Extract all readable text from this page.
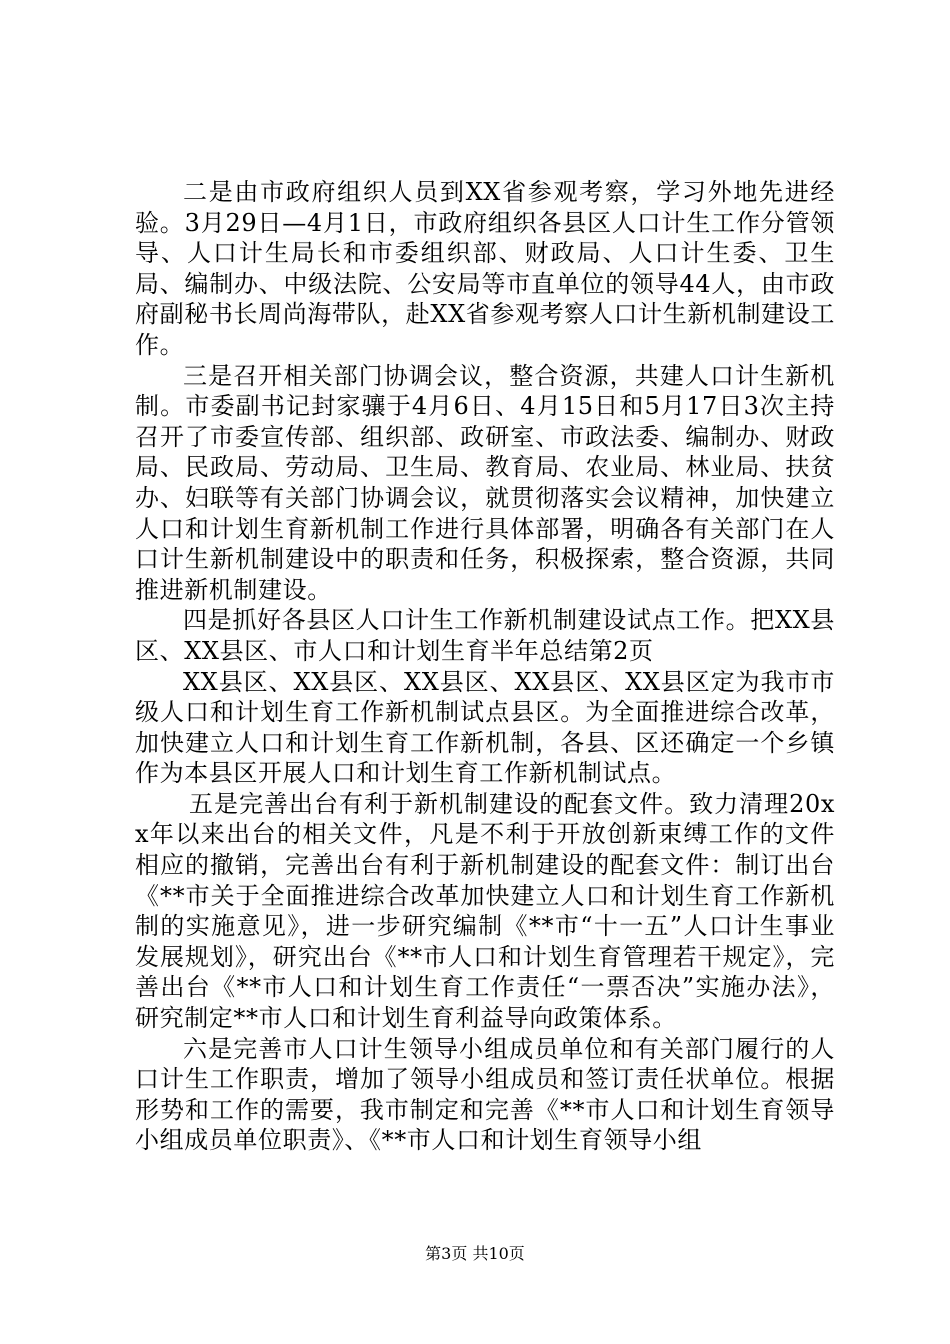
二是由市政府组织人员到XX省参观考察，学习外地先进经验。3月29日—4月1日，市政府组织各县区人口计生工作分管领导、人口计生局长和市委组织部、财政局、人口计生委、卫生局、编制办、中级法院、公安局等市直单位的领导44人，由市政府副秘书长周尚海带队，赴XX省参观考察人口计生新机制建设工作。

三是召开相关部门协调会议，整合资源，共建人口计生新机制。市委副书记封家骧于4月6日、4月15日和5月17日3次主持召开了市委宣传部、组织部、政研室、市政法委、编制办、财政局、民政局、劳动局、卫生局、教育局、农业局、林业局、扶贫办、妇联等有关部门协调会议，就贯彻落实会议精神，加快建立人口和计划生育新机制工作进行具体部署，明确各有关部门在人口计生新机制建设中的职责和任务，积极探索，整合资源，共同推进新机制建设。

四是抓好各县区人口计生工作新机制建设试点工作。把XX县区、XX县区、市人口和计划生育半年总结第2页

XX县区、XX县区、XX县区、XX县区、XX县区定为我市市级人口和计划生育工作新机制试点县区。为全面推进综合改革，加快建立人口和计划生育工作新机制，各县、区还确定一个乡镇作为本县区开展人口和计划生育工作新机制试点。

五是完善出台有利于新机制建设的配套文件。致力清理20xx年以来出台的相关文件，凡是不利于开放创新束缚工作的文件相应的撤销，完善出台有利于新机制建设的配套文件：制订出台《**市关于全面推进综合改革加快建立人口和计划生育工作新机制的实施意见》，进一步研究编制《**市“十一五”人口计生事业发展规划》，研究出台《**市人口和计划生育管理若干规定》，完善出台《**市人口和计划生育工作责任“一票否决”实施办法》，研究制定**市人口和计划生育利益导向政策体系。

六是完善市人口计生领导小组成员单位和有关部门履行的人口计生工作职责，增加了领导小组成员和签订责任状单位。根据形势和工作的需要，我市制定和完善《**市人口和计划生育领导小组成员单位职责》、《**市人口和计划生育领导小组

第3页 共10页
